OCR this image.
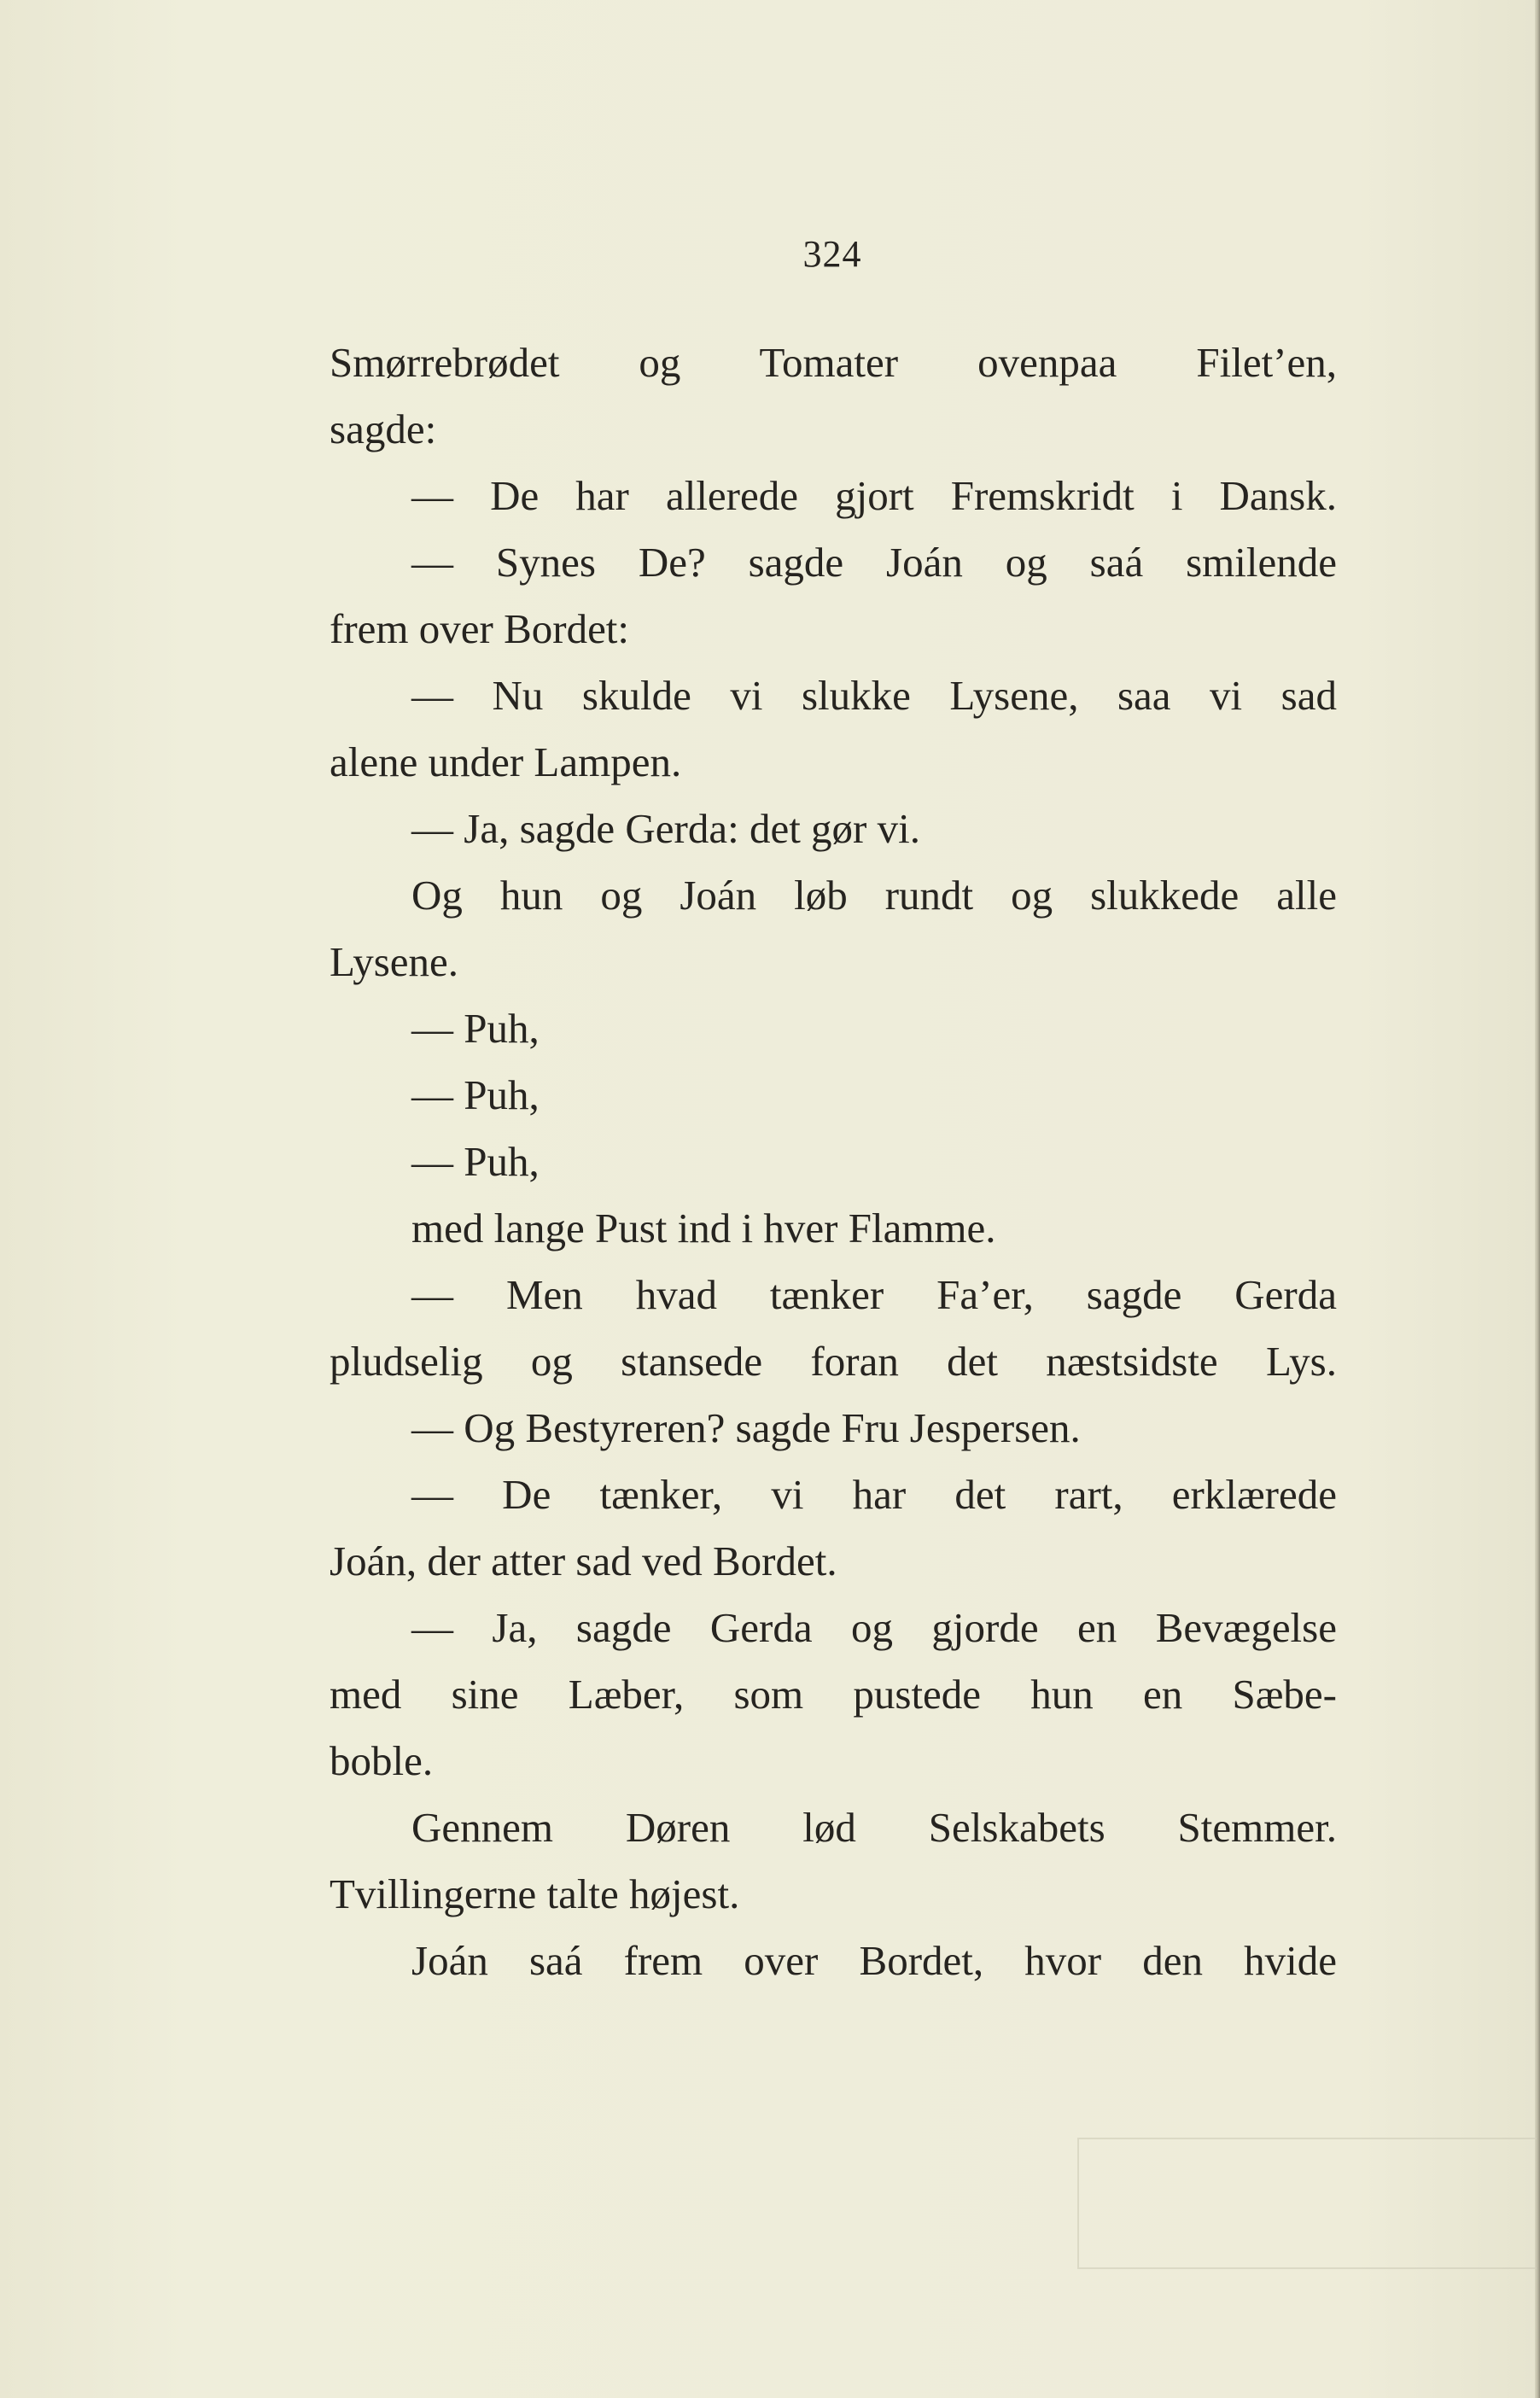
324
Smørrebrødet og Tomater ovenpaa Filet’en,
sagde:
— De har allerede gjort Fremskridt i Dansk.
— Synes De? sagde Joán og saá smilende
frem over Bordet:
— Nu skulde vi slukke Lysene, saa vi sad
alene under Lampen.
— Ja, sagde Gerda: det gør vi.
Og hun og Joán løb rundt og slukkede alle
Lysene.
— Puh,
— Puh,
— Puh,
med lange Pust ind i hver Flamme.
— Men hvad tænker Fa’er, sagde Gerda
pludselig og stansede foran det næstsidste Lys.
— Og Bestyreren? sagde Fru Jespersen.
— De tænker, vi har det rart, erklærede
Joán, der atter sad ved Bordet.
— Ja, sagde Gerda og gjorde en Bevægelse
med sine Læber, som pustede hun en Sæbe-
boble.
Gennem Døren lød Selskabets Stemmer.
Tvillingerne talte højest.
Joán saá frem over Bordet, hvor den hvide
